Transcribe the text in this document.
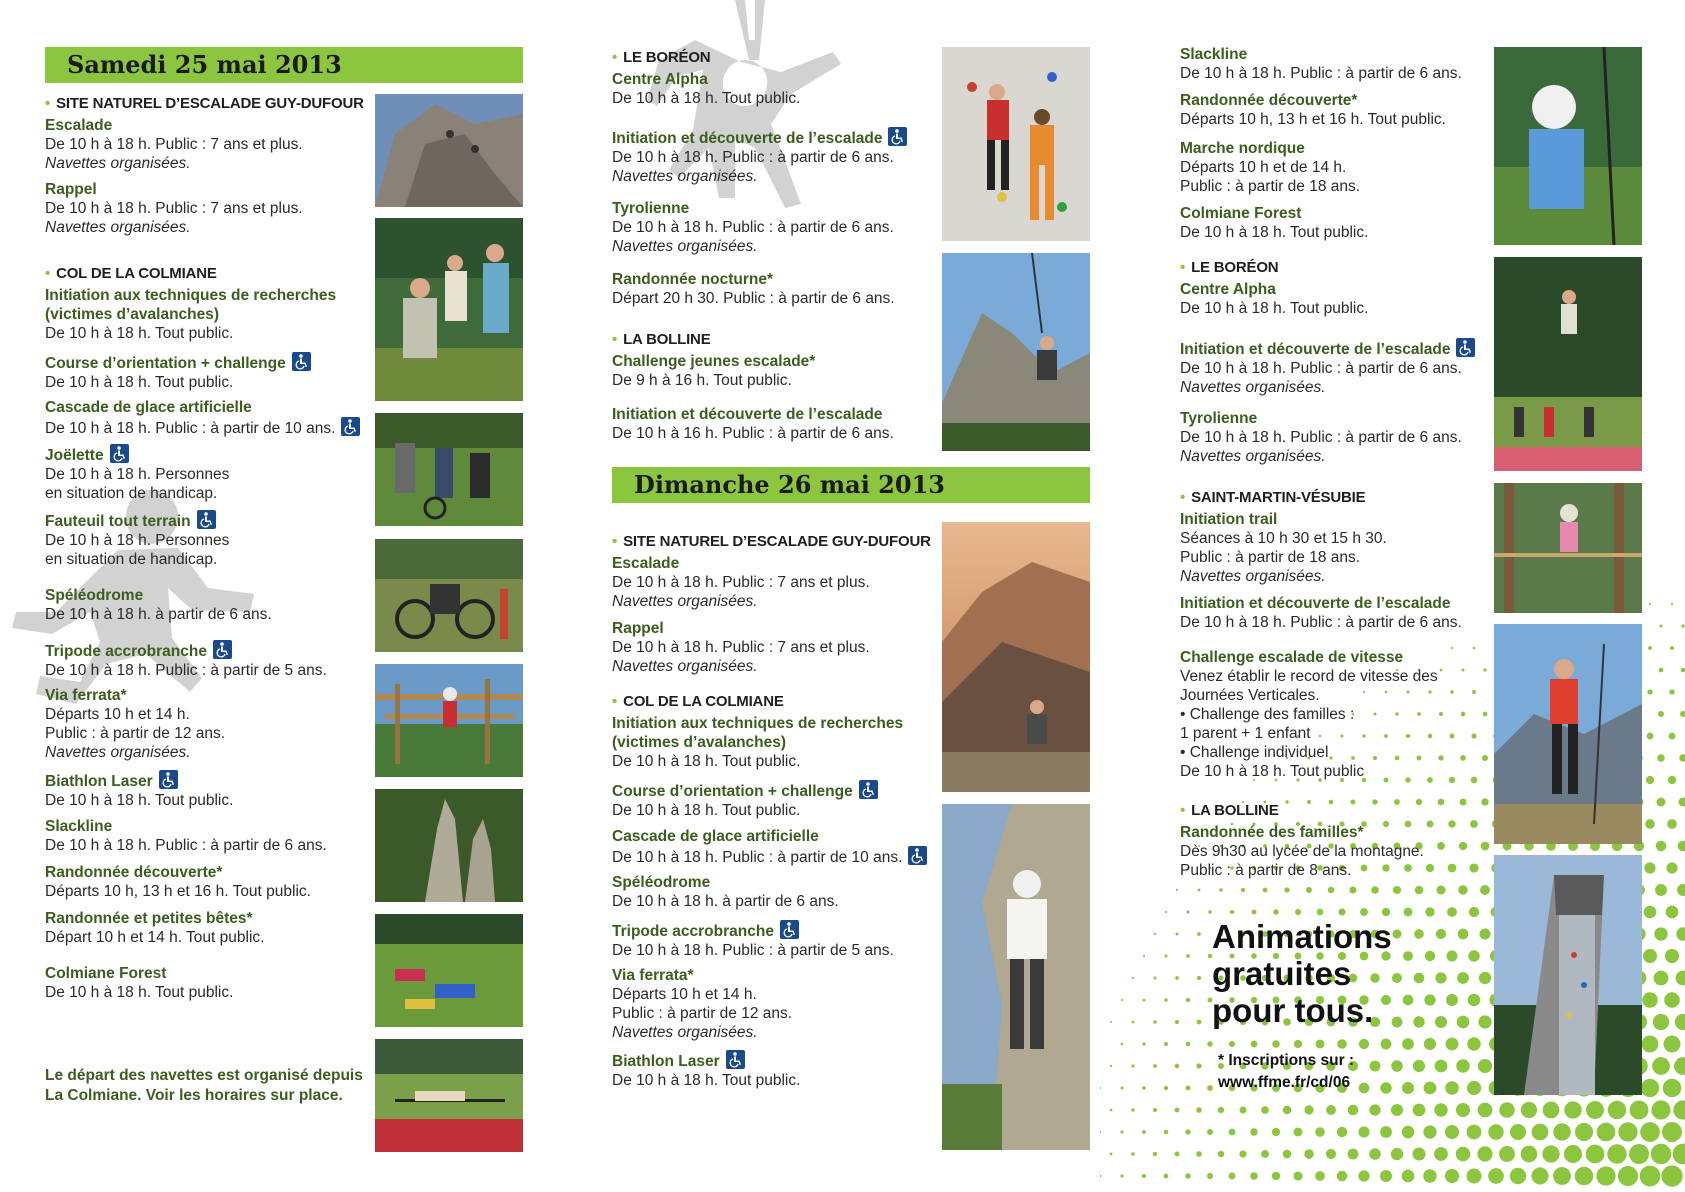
Samedi 25 mai 2013
• SITE NATUREL D’ESCALADE GUY-DUFOUR
Escalade
De 10 h à 18 h. Public : 7 ans et plus.
Navettes organisées.
Rappel
De 10 h à 18 h. Public : 7 ans et plus.
Navettes organisées.
• COL DE LA COLMIANE
Initiation aux techniques de recherches (victimes d’avalanches)
De 10 h à 18 h. Tout public.
Course d’orientation + challenge
De 10 h à 18 h. Tout public.
Cascade de glace artificielle
De 10 h à 18 h. Public : à partir de 10 ans.
Joëlette
De 10 h à 18 h. Personnes
en situation de handicap.
Fauteuil tout terrain
De 10 h à 18 h. Personnes
en situation de handicap.
Spéléodrome
De 10 h à 18 h. à partir de 6 ans.
Tripode accrobranche
De 10 h à 18 h. Public : à partir de 5 ans.
Via ferrata*
Départs 10 h et 14 h.
Public : à partir de 12 ans.
Navettes organisées.
Biathlon Laser
De 10 h à 18 h. Tout public.
Slackline
De 10 h à 18 h. Public : à partir de 6 ans.
Randonnée découverte*
Départs 10 h, 13 h et 16 h. Tout public.
Randonnée et petites bêtes*
Départ 10 h et 14 h. Tout public.
Colmiane Forest
De 10 h à 18 h. Tout public.
Le départ des navettes est organisé depuis
La Colmiane. Voir les horaires sur place.
• LE BORÉON
Centre Alpha
De 10 h à 18 h. Tout public.
Initiation et découverte de l’escalade
De 10 h à 18 h. Public : à partir de 6 ans.
Navettes organisées.
Tyrolienne
De 10 h à 18 h. Public : à partir de 6 ans.
Navettes organisées.
Randonnée nocturne*
Départ 20 h 30. Public : à partir de 6 ans.
• LA BOLLINE
Challenge jeunes escalade*
De 9 h à 16 h. Tout public.
Initiation et découverte de l’escalade
De 10 h à 16 h. Public : à partir de 6 ans.
Dimanche 26 mai 2013
• SITE NATUREL D’ESCALADE GUY-DUFOUR
Escalade
De 10 h à 18 h. Public : 7 ans et plus.
Navettes organisées.
Rappel
De 10 h à 18 h. Public : 7 ans et plus.
Navettes organisées.
• COL DE LA COLMIANE
Initiation aux techniques de recherches (victimes d’avalanches)
De 10 h à 18 h. Tout public.
Course d’orientation + challenge
De 10 h à 18 h. Tout public.
Cascade de glace artificielle
De 10 h à 18 h. Public : à partir de 10 ans.
Spéléodrome
De 10 h à 18 h. à partir de 6 ans.
Tripode accrobranche
De 10 h à 18 h. Public : à partir de 5 ans.
Via ferrata*
Départs 10 h et 14 h.
Public : à partir de 12 ans.
Navettes organisées.
Biathlon Laser
De 10 h à 18 h. Tout public.
Slackline
De 10 h à 18 h. Public : à partir de 6 ans.
Randonnée découverte*
Départs 10 h, 13 h et 16 h. Tout public.
Marche nordique
Départs 10 h et de 14 h.
Public : à partir de 18 ans.
Colmiane Forest
De 10 h à 18 h. Tout public.
• LE BORÉON
Centre Alpha
De 10 h à 18 h. Tout public.
Initiation et découverte de l’escalade
De 10 h à 18 h. Public : à partir de 6 ans.
Navettes organisées.
Tyrolienne
De 10 h à 18 h. Public : à partir de 6 ans.
Navettes organisées.
• SAINT-MARTIN-VÉSUBIE
Initiation trail
Séances à 10 h 30 et 15 h 30.
Public : à partir de 18 ans.
Navettes organisées.
Initiation et découverte de l’escalade
De 10 h à 18 h. Public : à partir de 6 ans.
Challenge escalade de vitesse
Venez établir le record de vitesse des
Journées Verticales.
• Challenge des familles :
1 parent + 1 enfant
• Challenge individuel
De 10 h à 18 h. Tout public
• LA BOLLINE
Randonnée des familles*
Dès 9h30 au lycée de la montagne.
Public : à partir de 8 ans.
Animations
gratuites
pour tous.
* Inscriptions sur :
www.ffme.fr/cd/06
